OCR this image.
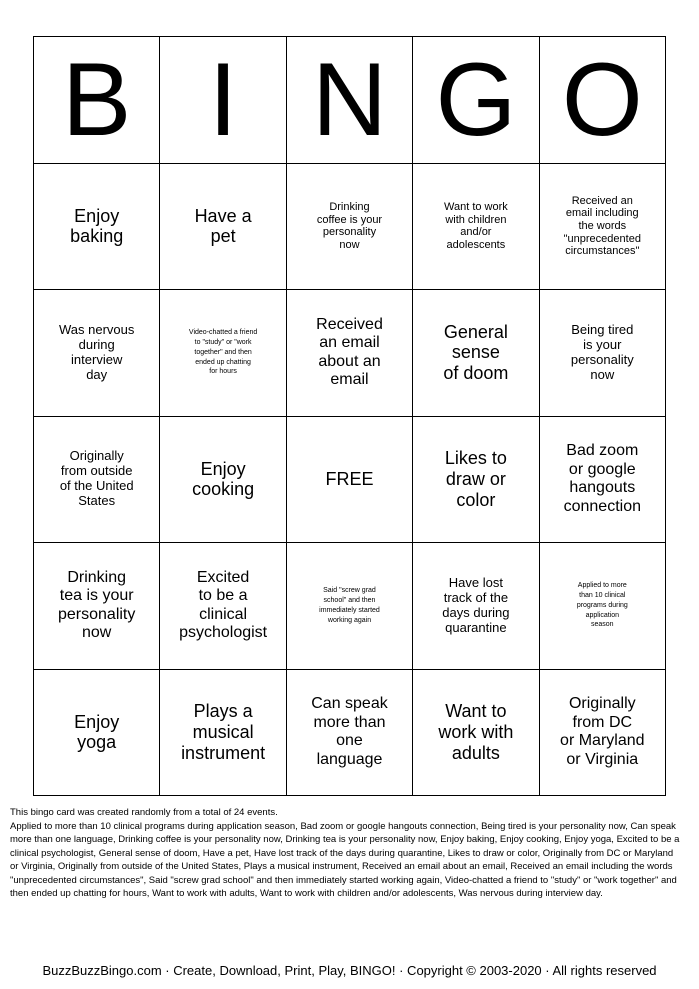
B I N G O
Enjoy
baking
Have a
pet
Drinking
coffee is your
personality
now
Want to work
with children
and/or
adolescents
Received an
email including
the words
"unprecedented
circumstances"
Was nervous
during
interview
day
Video-chatted a friend
to "study" or "work
together" and then
ended up chatting
for hours
Received
an email
about an
email
General
sense
of doom
Being tired
is your
personality
now
Originally
from outside
of the United
States
Enjoy
cooking
FREE
Likes to
draw or
color
Bad zoom
or google
hangouts
connection
Drinking
tea is your
personality
now
Excited
to be a
clinical
psychologist
Said "screw grad
school" and then
immediately started
working again
Have lost
track of the
days during
quarantine
Applied to more
than 10 clinical
programs during
application
season
Enjoy
yoga
Plays a
musical
instrument
Can speak
more than
one
language
Want to
work with
adults
Originally
from DC
or Maryland
or Virginia

This bingo card was created randomly from a total of 24 events.

Applied to more than 10 clinical programs during application season, Bad zoom or google hangouts connection, Being tired is your personality now, Can speak more than one language, Drinking coffee is your personality now, Drinking tea is your personality now, Enjoy baking, Enjoy cooking, Enjoy yoga, Excited to be a clinical psychologist, General sense of doom, Have a pet, Have lost track of the days during quarantine, Likes to draw or color, Originally from DC or Maryland or Virginia, Originally from outside of the United States, Plays a musical instrument, Received an email about an email, Received an email including the words "unprecedented circumstances", Said "screw grad school" and then immediately started working again, Video-chatted a friend to "study" or "work together" and then ended up chatting for hours, Want to work with adults, Want to work with children and/or adolescents, Was nervous during interview day.

BuzzBuzzBingo.com · Create, Download, Print, Play, BINGO! · Copyright © 2003-2020 · All rights reserved
